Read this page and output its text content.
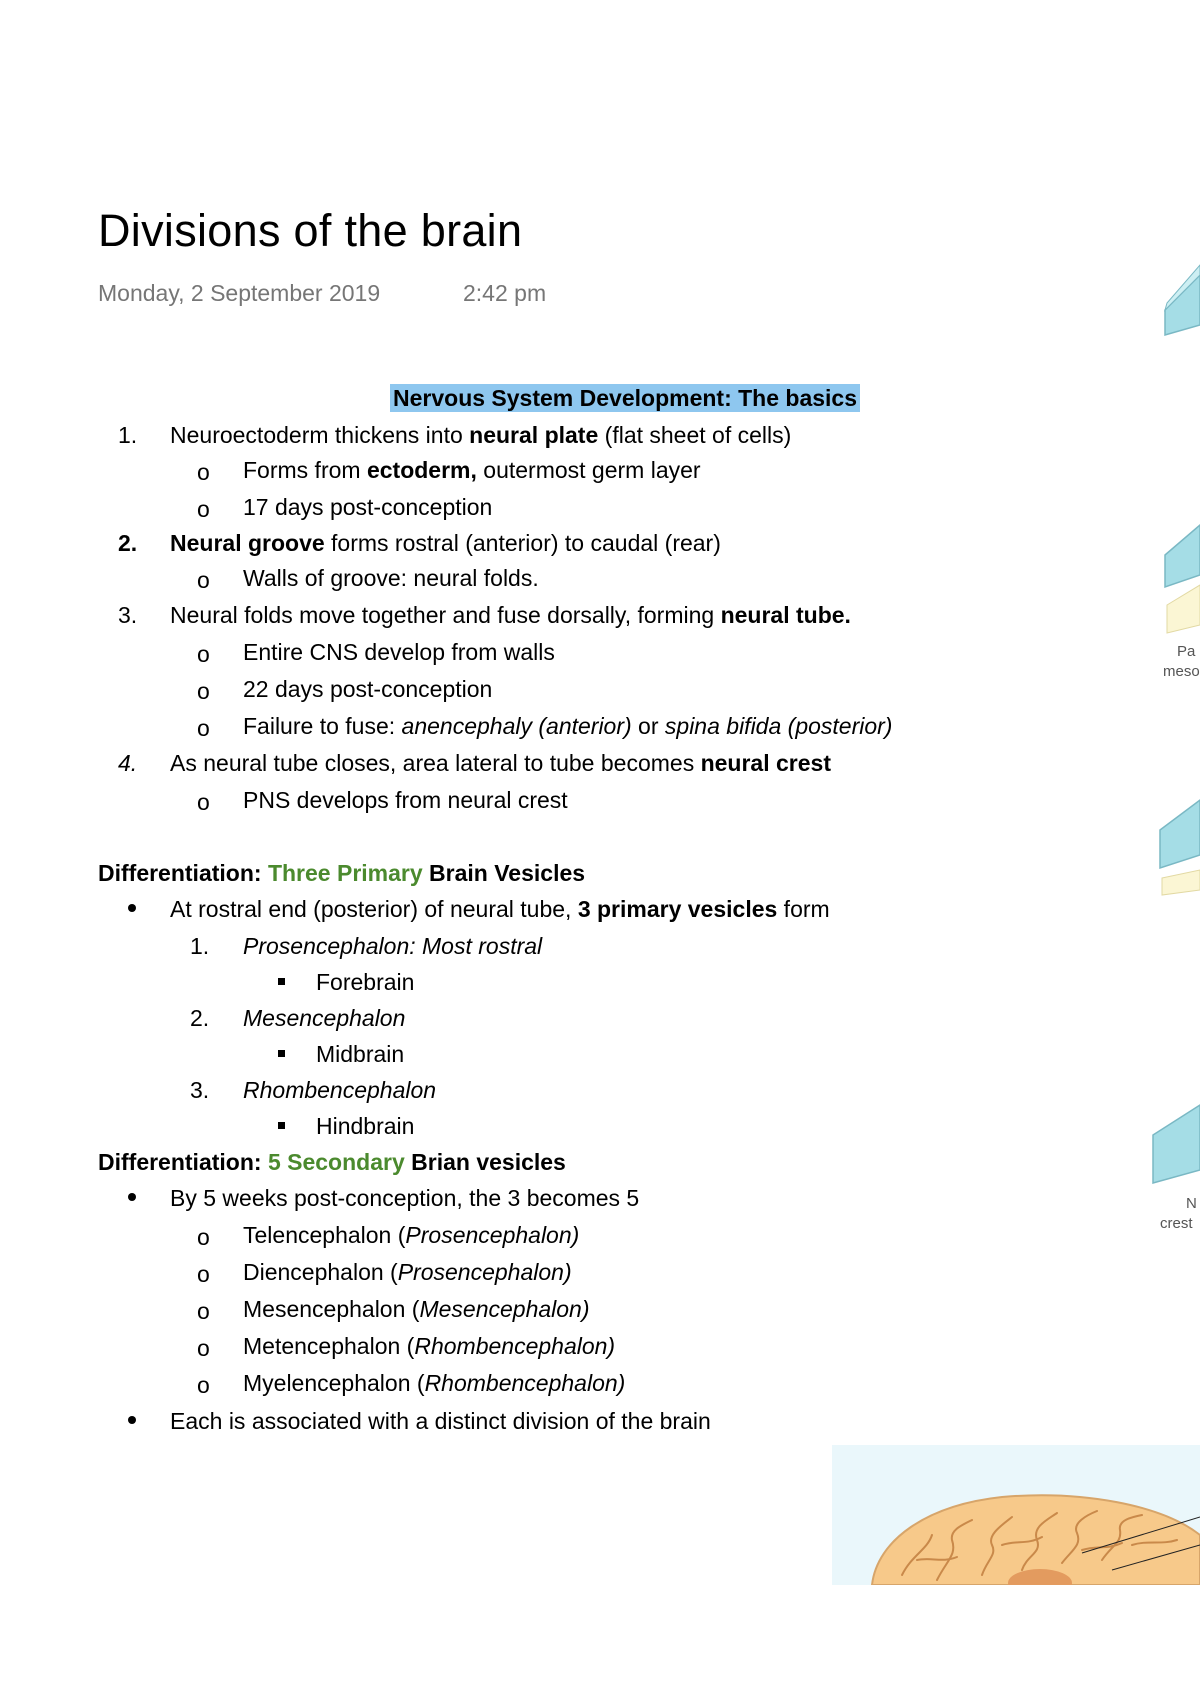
Divisions of the brain
Monday, 2 September 2019	2:42 pm
Nervous System Development: The basics
1. Neuroectoderm thickens into neural plate (flat sheet of cells)
o Forms from ectoderm, outermost germ layer
o 17 days post-conception
2. Neural groove forms rostral (anterior) to caudal (rear)
o Walls of groove: neural folds.
3. Neural folds move together and fuse dorsally, forming neural tube.
o Entire CNS develop from walls
o 22 days post-conception
o Failure to fuse: anencephaly (anterior) or spina bifida (posterior)
4. As neural tube closes, area lateral to tube becomes neural crest
o PNS develops from neural crest
Differentiation: Three Primary Brain Vesicles
At rostral end (posterior) of neural tube, 3 primary vesicles form
1. Prosencephalon: Most rostral
Forebrain
2. Mesencephalon
Midbrain
3. Rhombencephalon
Hindbrain
Differentiation: 5 Secondary Brian vesicles
By 5 weeks post-conception, the 3 becomes 5
o Telencephalon (Prosencephalon)
o Diencephalon (Prosencephalon)
o Mesencephalon (Mesencephalon)
o Metencephalon (Rhombencephalon)
o Myelencephalon (Rhombencephalon)
Each is associated with a distinct division of the brain
Pa
meso
N
crest
